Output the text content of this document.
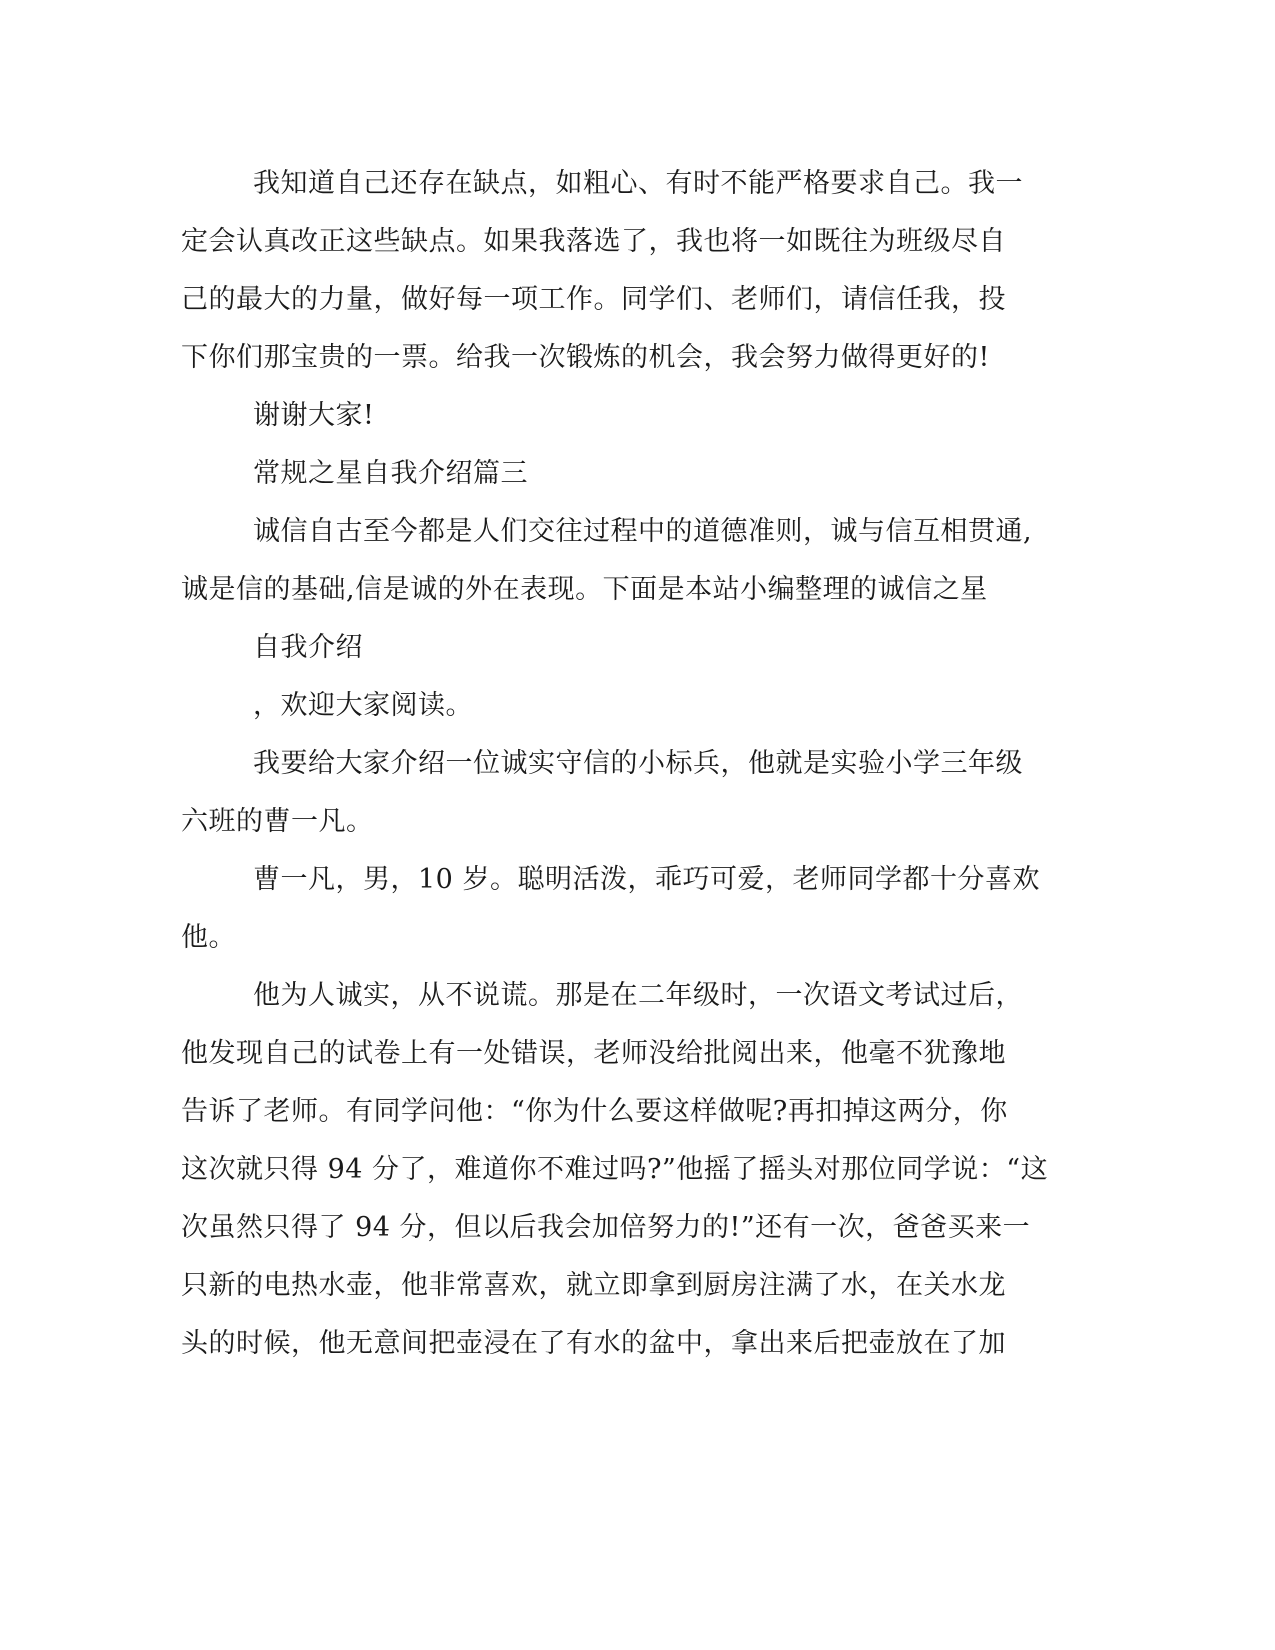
我知道自己还存在缺点，如粗心、有时不能严格要求自己。我一
定会认真改正这些缺点。如果我落选了，我也将一如既往为班级尽自
己的最大的力量，做好每一项工作。同学们、老师们，请信任我，投
下你们那宝贵的一票。给我一次锻炼的机会，我会努力做得更好的!
谢谢大家!
常规之星自我介绍篇三
诚信自古至今都是人们交往过程中的道德准则，诚与信互相贯通,
诚是信的基础,信是诚的外在表现。下面是本站小编整理的诚信之星
自我介绍
，欢迎大家阅读。
我要给大家介绍一位诚实守信的小标兵，他就是实验小学三年级
六班的曹一凡。
曹一凡，男，10 岁。聪明活泼，乖巧可爱，老师同学都十分喜欢
他。
他为人诚实，从不说谎。那是在二年级时，一次语文考试过后，
他发现自己的试卷上有一处错误，老师没给批阅出来，他毫不犹豫地
告诉了老师。有同学问他：“你为什么要这样做呢?再扣掉这两分，你
这次就只得 94 分了，难道你不难过吗?”他摇了摇头对那位同学说：“这
次虽然只得了 94 分，但以后我会加倍努力的!”还有一次，爸爸买来一
只新的电热水壶，他非常喜欢，就立即拿到厨房注满了水，在关水龙
头的时候，他无意间把壶浸在了有水的盆中，拿出来后把壶放在了加
